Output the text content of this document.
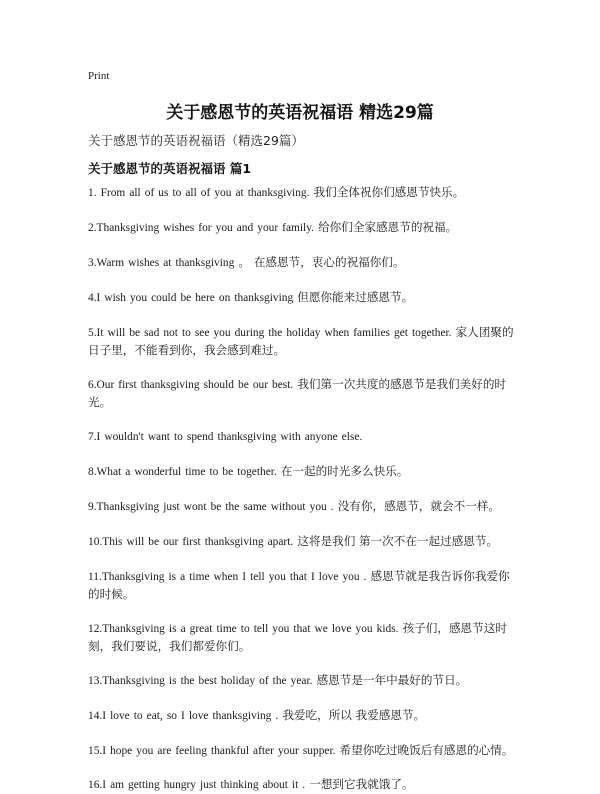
Print
关于感恩节的英语祝福语 精选29篇
关于感恩节的英语祝福语（精选29篇）
关于感恩节的英语祝福语 篇1
1. From all of us to all of you at thanksgiving. 我们全体祝你们感恩节快乐。
2.Thanksgiving wishes for you and your family. 给你们全家感恩节的祝福。
3.Warm wishes at thanksgiving 。 在感恩节，衷心的祝福你们。
4.I wish you could be here on thanksgiving 但愿你能来过感恩节。
5.It will be sad not to see you during the holiday when families get together. 家人团聚的日子里，不能看到你，我会感到难过。
6.Our first thanksgiving should be our best. 我们第一次共度的感恩节是我们美好的时光。
7.I wouldn't want to spend thanksgiving with anyone else.
8.What a wonderful time to be together. 在一起的时光多么快乐。
9.Thanksgiving just wont be the same without you . 没有你，感恩节，就会不一样。
10.This will be our first thanksgiving apart. 这将是我们 第一次不在一起过感恩节。
11.Thanksgiving is a time when I tell you that I love you . 感恩节就是我告诉你我爱你的时候。
12.Thanksgiving is a great time to tell you that we love you kids. 孩子们，感恩节这时刻，我们要说，我们都爱你们。
13.Thanksgiving is the best holiday of the year. 感恩节是一年中最好的节日。
14.I love to eat, so I love thanksgiving . 我爱吃，所以 我爱感恩节。
15.I hope you are feeling thankful after your supper. 希望你吃过晚饭后有感恩的心情。
16.I am getting hungry just thinking about it . 一想到它我就饿了。
